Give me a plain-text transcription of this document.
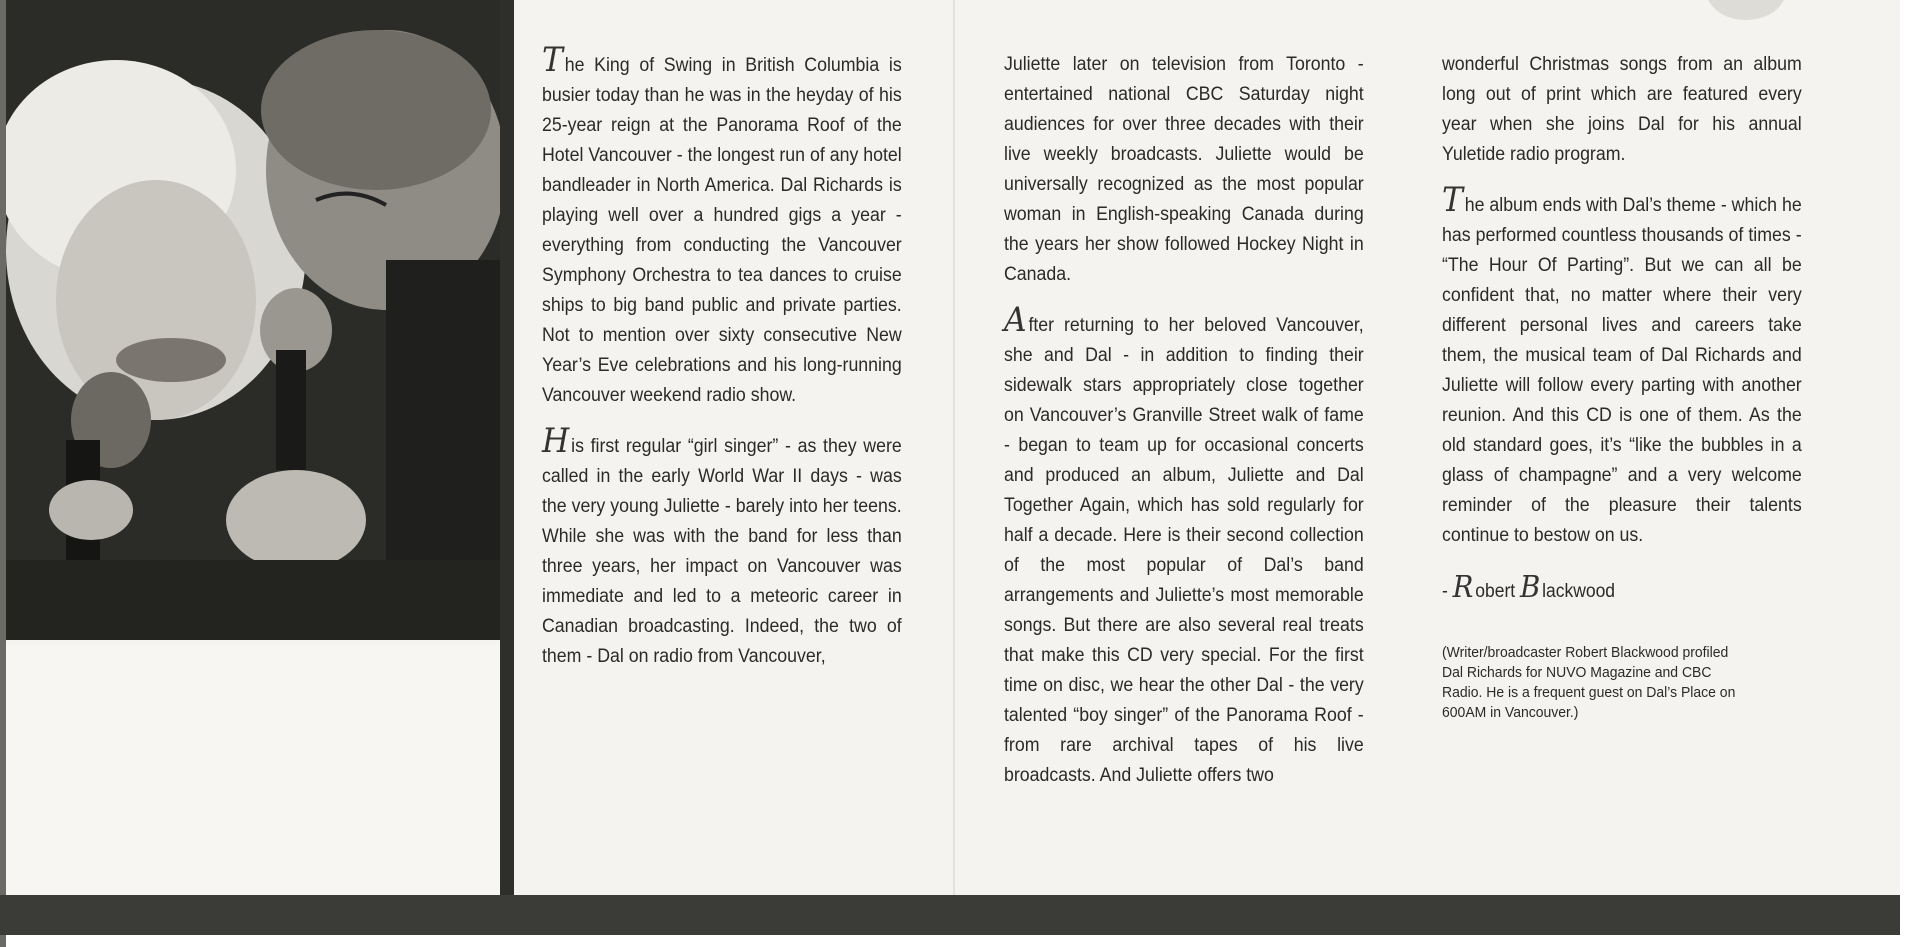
The King of Swing in British Columbia is busier today than he was in the heyday of his 25-year reign at the Panorama Roof of the Hotel Vancouver - the longest run of any hotel bandleader in North America. Dal Richards is playing well over a hundred gigs a year - everything from conducting the Vancouver Symphony Orchestra to tea dances to cruise ships to big band public and private parties. Not to mention over sixty consecutive New Year’s Eve celebrations and his long-running Vancouver weekend radio show.

His first regular “girl singer” - as they were called in the early World War II days - was the very young Juliette - barely into her teens. While she was with the band for less than three years, her impact on Vancouver was immediate and led to a meteoric career in Canadian broadcasting. Indeed, the two of them - Dal on radio from Vancouver,

Juliette later on television from Toronto - entertained national CBC Saturday night audiences for over three decades with their live weekly broadcasts. Juliette would be universally recognized as the most popular woman in English-speaking Canada during the years her show followed Hockey Night in Canada.

After returning to her beloved Vancouver, she and Dal - in addition to finding their sidewalk stars appropriately close together on Vancouver’s Granville Street walk of fame - began to team up for occasional concerts and produced an album, Juliette and Dal Together Again, which has sold regularly for half a decade. Here is their second collection of the most popular of Dal’s band arrangements and Juliette’s most memorable songs. But there are also several real treats that make this CD very special. For the first time on disc, we hear the other Dal - the very talented “boy singer” of the Panorama Roof - from rare archival tapes of his live broadcasts. And Juliette offers two

wonderful Christmas songs from an album long out of print which are featured every year when she joins Dal for his annual Yuletide radio program.

The album ends with Dal’s theme - which he has performed countless thousands of times - “The Hour Of Parting”. But we can all be confident that, no matter where their very different personal lives and careers take them, the musical team of Dal Richards and Juliette will follow every parting with another reunion. And this CD is one of them. As the old standard goes, it’s “like the bubbles in a glass of champagne” and a very welcome reminder of the pleasure their talents continue to bestow on us.

- Robert Blackwood
(Writer/broadcaster Robert Blackwood profiled Dal Richards for NUVO Magazine and CBC Radio. He is a frequent guest on Dal’s Place on 600AM in Vancouver.)
